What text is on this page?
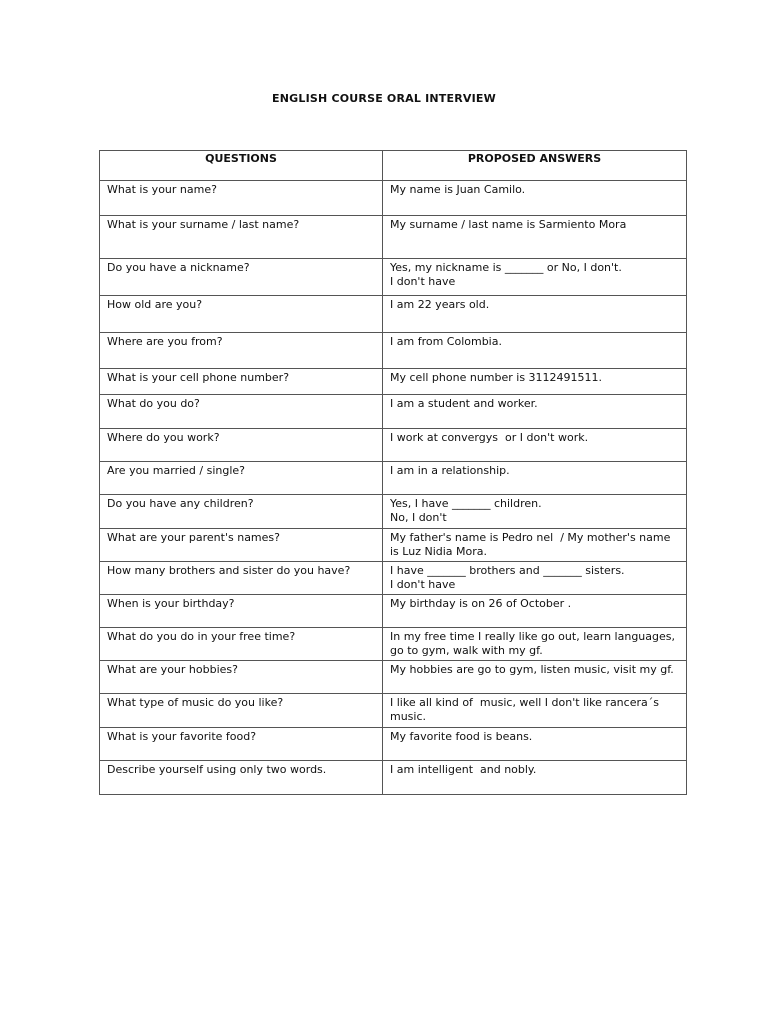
ENGLISH COURSE ORAL INTERVIEW
QUESTIONS	PROPOSED ANSWERS

What is your name?	My name is Juan Camilo.

What is your surname / last name?	My surname / last name is Sarmiento Mora

Do you have a nickname?	Yes, my nickname is _______ or No, I don't.
I don't have

How old are you?	I am 22 years old.

Where are you from?	I am from Colombia.

What is your cell phone number?	My cell phone number is 3112491511.

What do you do?	I am a student and worker.

Where do you work?	I work at convergys  or I don't work.

Are you married / single?	I am in a relationship.

Do you have any children?	Yes, I have _______ children.
No, I don't

What are your parent's names?	My father's name is Pedro nel  / My mother's name is Luz Nidia Mora.

How many brothers and sister do you have?	I have _______ brothers and _______ sisters.
I don't have

When is your birthday?	My birthday is on 26 of October .

What do you do in your free time?	In my free time I really like go out, learn languages, go to gym, walk with my gf.

What are your hobbies?	My hobbies are go to gym, listen music, visit my gf.

What type of music do you like?	I like all kind of  music, well I don't like rancera´s music.

What is your favorite food?	My favorite food is beans.

Describe yourself using only two words.	I am intelligent  and nobly.
